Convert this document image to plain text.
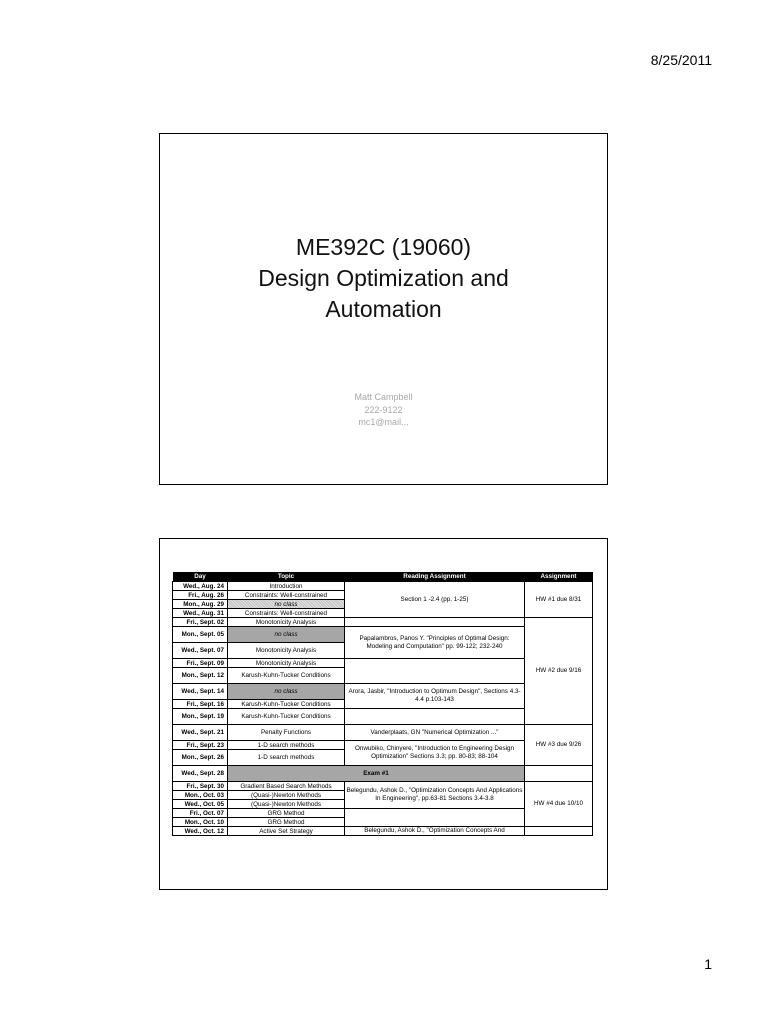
8/25/2011
ME392C (19060)
Design Optimization and
Automation
Matt Campbell
222-9122
mc1@mail...
Day	Topic	Reading Assignment	Assignment
Wed., Aug. 24	Introduction	Section 1 -2.4 (pp. 1-25)	HW #1 due 8/31
Fri., Aug. 26	Constraints: Well-constrained		
Mon., Aug. 29	no class		
Wed., Aug. 31	Constraints: Well-constrained		
Fri., Sept. 02	Monotonicity Analysis		HW #2 due 9/16
Mon., Sept. 05	no class	Papalambros, Panos Y. "Principles of Optimal Design: Modeling and Computation" pp. 99-122; 232-240	
Wed., Sept. 07	Monotonicity Analysis		
Fri., Sept. 09	Monotonicity Analysis		
Mon., Sept. 12	Karush-Kuhn-Tucker Conditions		
Wed., Sept. 14	no class	Arora, Jasbir, "Introduction to Optimum Design", Sections 4.3-4.4 p.103-143	
Fri., Sept. 16	Karush-Kuhn-Tucker Conditions		
Mon., Sept. 19	Karush-Kuhn-Tucker Conditions		
Wed., Sept. 21	Penalty Functions	Vanderplaats, GN "Numerical Optimization ..."	HW #3 due 9/26
Fri., Sept. 23	1-D search methods	Onwubiko, Chinyere, "Introduction to Engineering Design Optimization" Sections 3.3; pp. 80-83; 88-104	
Mon., Sept. 26	1-D search methods		
Wed., Sept. 28	Exam #1		
Fri., Sept. 30	Gradient Based Search Methods	Belegundu, Ashok D., "Optimization Concepts And Applications In Engineering", pp.63-81 Sections 3.4-3.8	HW #4 due 10/10
Mon., Oct. 03	(Quasi-)Newton Methods		
Wed., Oct. 05	(Quasi-)Newton Methods		
Fri., Oct. 07	GRG Method		
Mon., Oct. 10	GRG Method		
Wed., Oct. 12	Active Set Strategy	Belegundu, Ashok D., "Optimization Concepts And	
1
